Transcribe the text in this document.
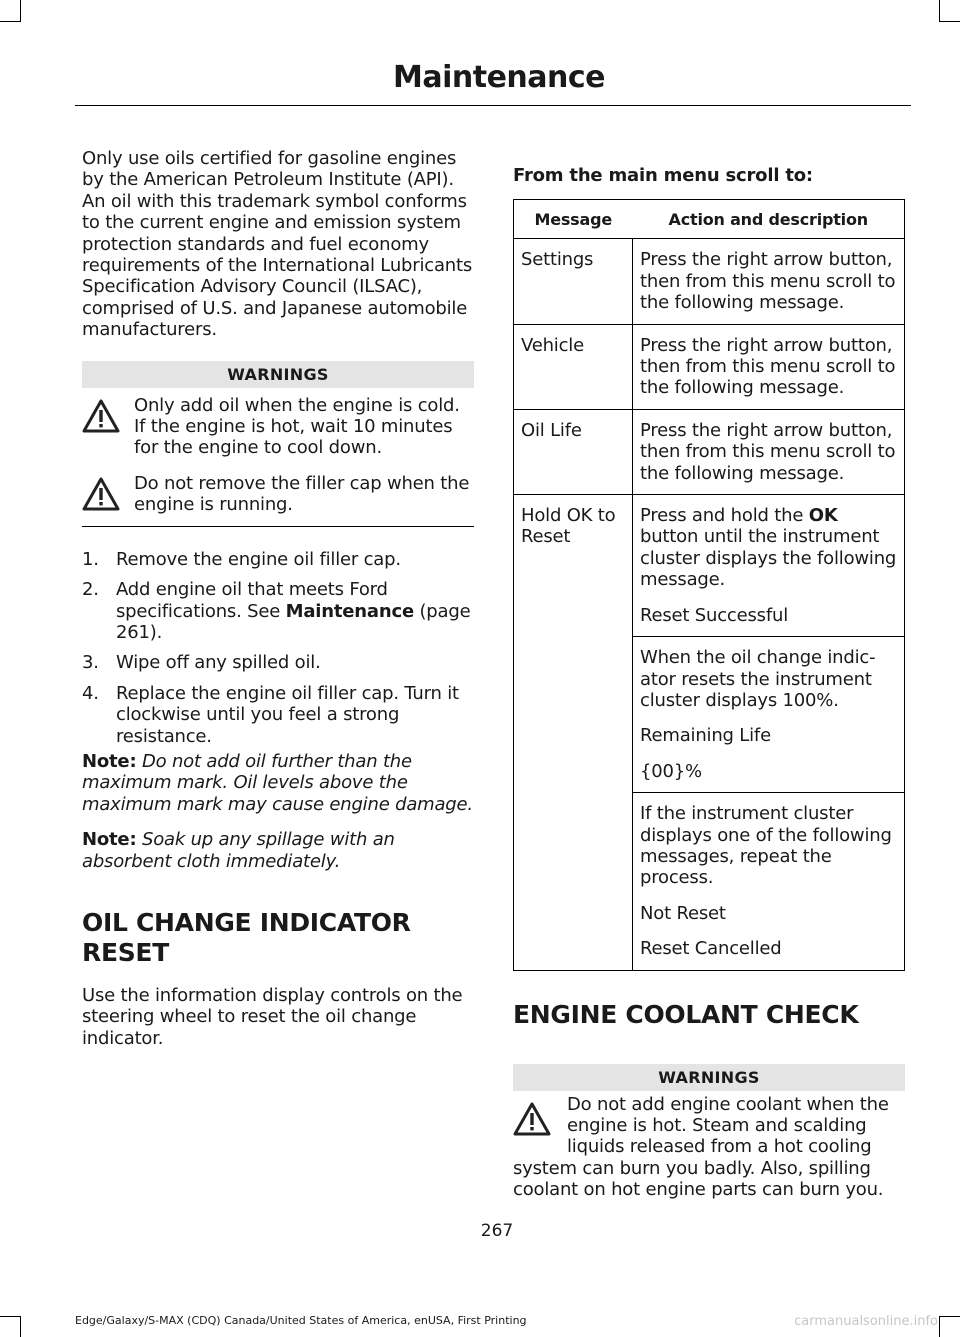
Maintenance

Only use oils certified for gasoline engines by the American Petroleum Institute (API). An oil with this trademark symbol conforms to the current engine and emission system protection standards and fuel economy requirements of the International Lubricants Specification Advisory Council (ILSAC), comprised of U.S. and Japanese automobile manufacturers.

WARNINGS
Only add oil when the engine is cold. If the engine is hot, wait 10 minutes for the engine to cool down.
Do not remove the filler cap when the engine is running.
1. Remove the engine oil filler cap.
2. Add engine oil that meets Ford specifications. See Maintenance (page 261).
3. Wipe off any spilled oil.
4. Replace the engine oil filler cap. Turn it clockwise until you feel a strong resistance.

Note: Do not add oil further than the maximum mark. Oil levels above the maximum mark may cause engine damage.

Note: Soak up any spillage with an absorbent cloth immediately.

OIL CHANGE INDICATOR
RESET

Use the information display controls on the steering wheel to reset the oil change indicator.

From the main menu scroll to:

Message	Action and description
Settings	Press the right arrow button, then from this menu scroll to the following message.
Vehicle	Press the right arrow button, then from this menu scroll to the following message.
Oil Life	Press the right arrow button, then from this menu scroll to the following message.
Hold OK to Reset	Press and hold the OK button until the instrument cluster displays the following message.

Reset Successful

	When the oil change indic-ator resets the instrument cluster displays 100%.

Remaining Life

{00}%

	If the instrument cluster displays one of the following messages, repeat the process.

Not Reset

Reset Cancelled

ENGINE COOLANT CHECK
WARNINGS

Do not add engine coolant when the engine is hot. Steam and scalding liquids released from a hot cooling system can burn you badly. Also, spilling coolant on hot engine parts can burn you.

267
Edge/Galaxy/S-MAX (CDQ) Canada/United States of America, enUSA, First Printing	carmanualsonline.info
